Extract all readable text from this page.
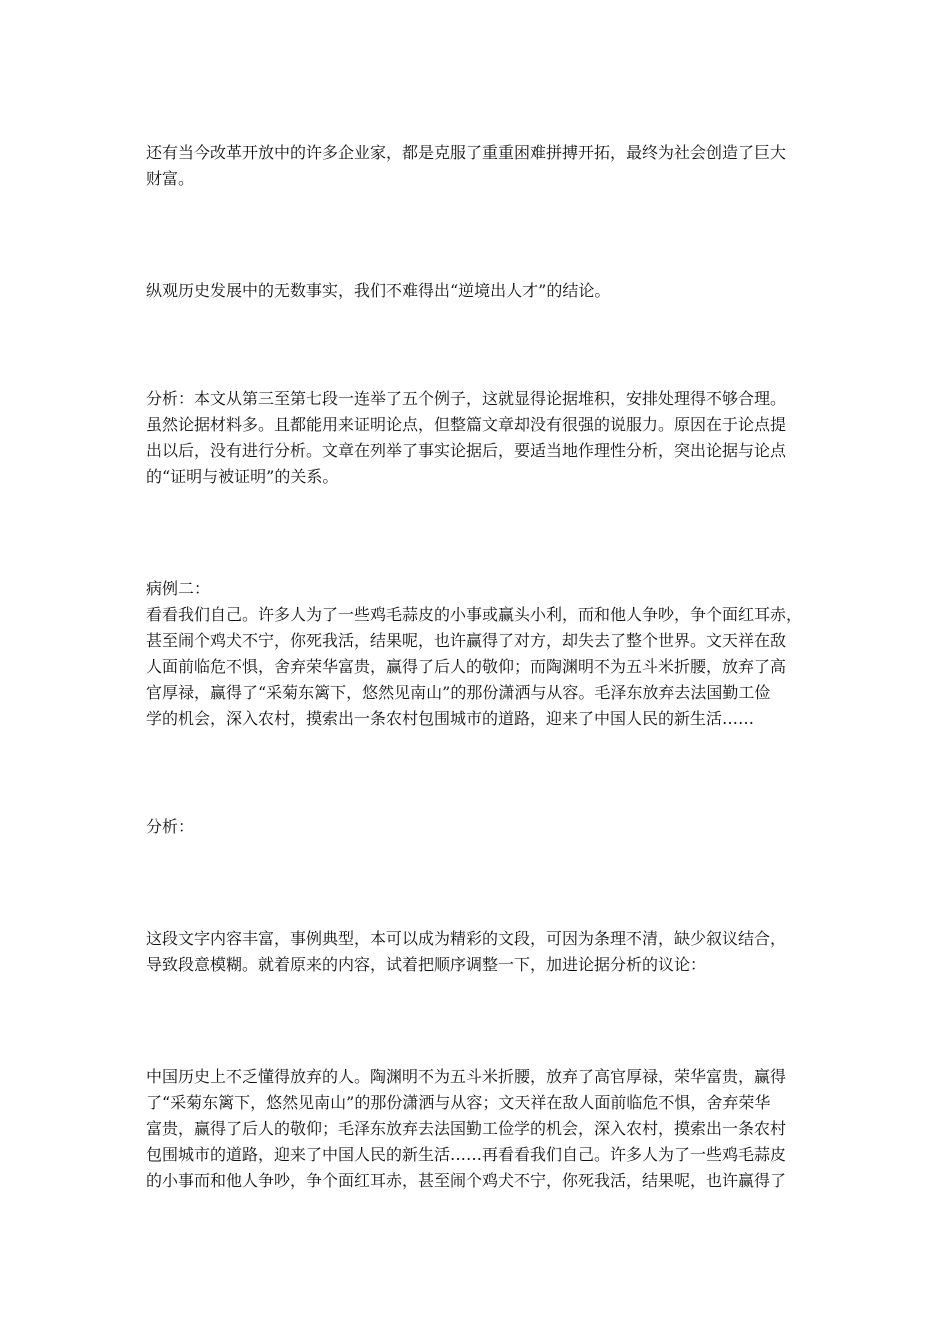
还有当今改革开放中的许多企业家，都是克服了重重困难拼搏开拓，最终为社会创造了巨大
财富。
纵观历史发展中的无数事实，我们不难得出“逆境出人才”的结论。
分析：本文从第三至第七段一连举了五个例子，这就显得论据堆积，安排处理得不够合理。
虽然论据材料多。且都能用来证明论点，但整篇文章却没有很强的说服力。原因在于论点提
出以后，没有进行分析。文章在列举了事实论据后，要适当地作理性分析，突出论据与论点
的“证明与被证明”的关系。
病例二：
看看我们自己。许多人为了一些鸡毛蒜皮的小事或赢头小利，而和他人争吵，争个面红耳赤，
甚至闹个鸡犬不宁，你死我活，结果呢，也许赢得了对方，却失去了整个世界。文天祥在敌
人面前临危不惧，舍弃荣华富贵，赢得了后人的敬仰；而陶渊明不为五斗米折腰，放弃了高
官厚禄，赢得了“采菊东篱下，悠然见南山”的那份潇洒与从容。毛泽东放弃去法国勤工俭
学的机会，深入农村，摸索出一条农村包围城市的道路，迎来了中国人民的新生活……
分析：
这段文字内容丰富，事例典型，本可以成为精彩的文段，可因为条理不清，缺少叙议结合，
导致段意模糊。就着原来的内容，试着把顺序调整一下，加进论据分析的议论：
中国历史上不乏懂得放弃的人。陶渊明不为五斗米折腰，放弃了高官厚禄，荣华富贵，赢得
了“采菊东篱下，悠然见南山”的那份潇洒与从容；文天祥在敌人面前临危不惧，舍弃荣华
富贵，赢得了后人的敬仰；毛泽东放弃去法国勤工俭学的机会，深入农村，摸索出一条农村
包围城市的道路，迎来了中国人民的新生活……再看看我们自己。许多人为了一些鸡毛蒜皮
的小事而和他人争吵，争个面红耳赤，甚至闹个鸡犬不宁，你死我活，结果呢，也许赢得了
